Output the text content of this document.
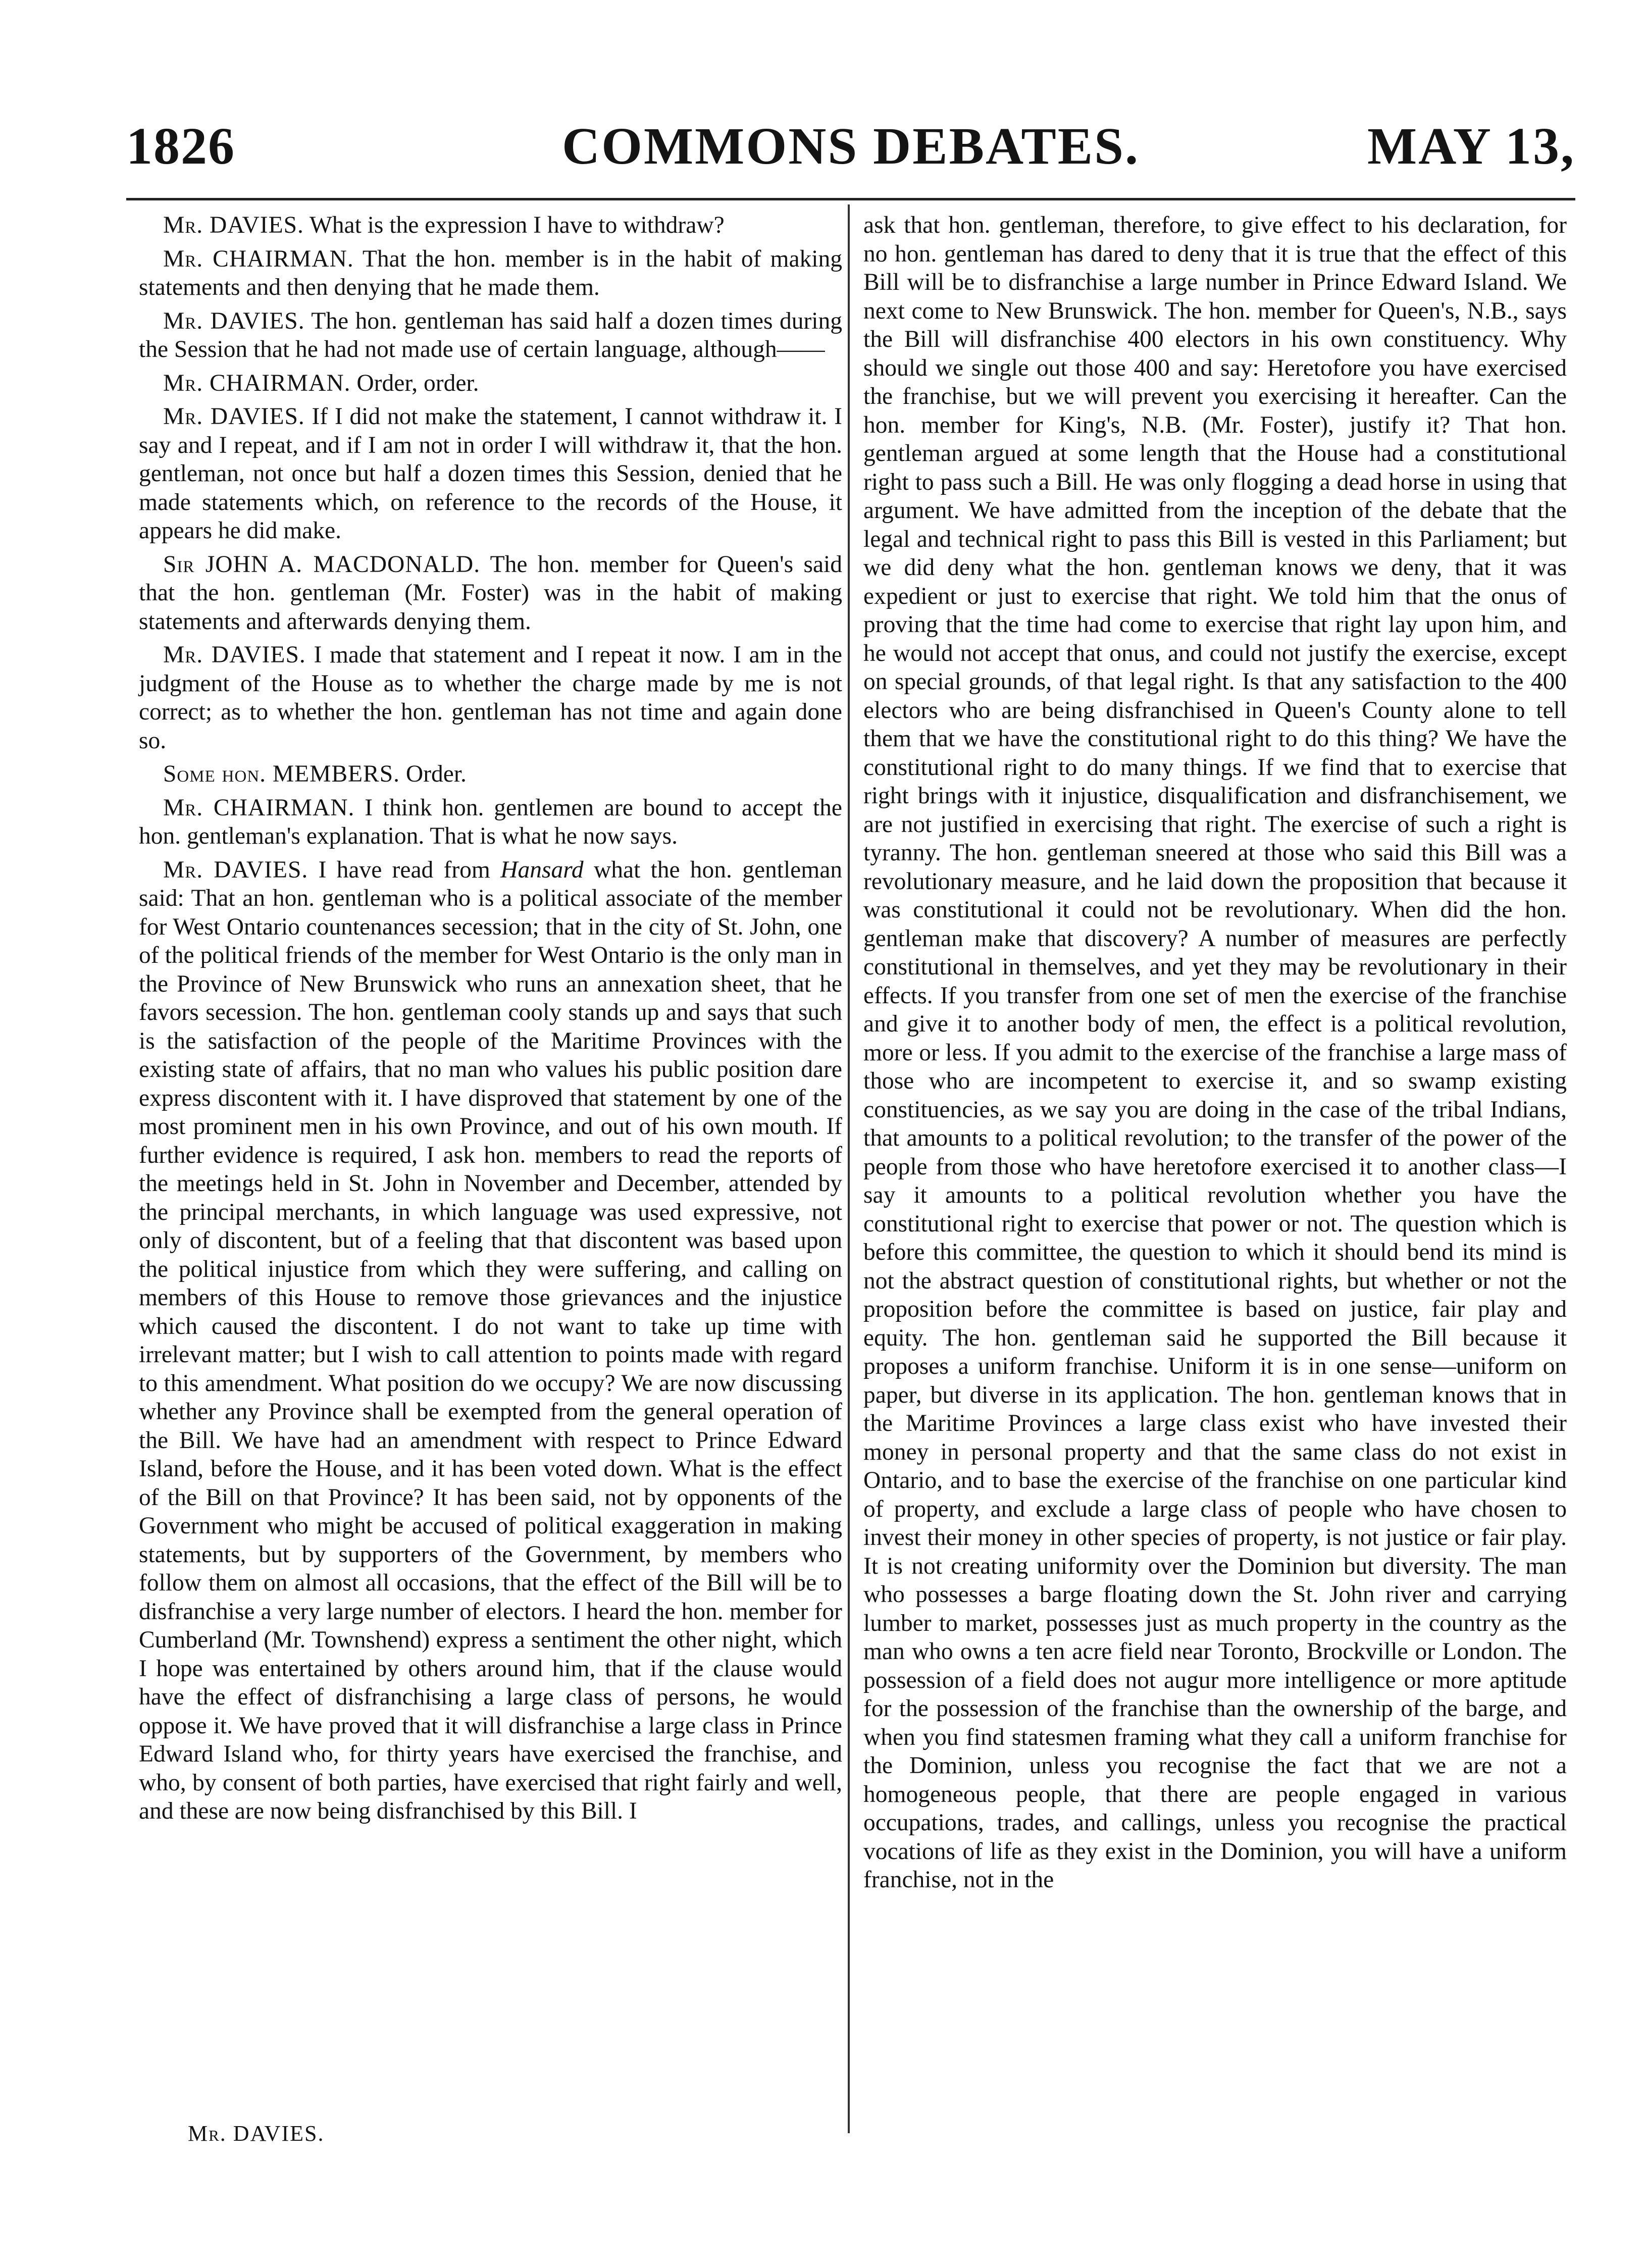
1826	COMMONS DEBATES.	MAY 13,

Mr. DAVIES. What is the expression I have to withdraw?

Mr. CHAIRMAN. That the hon. member is in the habit of making statements and then denying that he made them.

Mr. DAVIES. The hon. gentleman has said half a dozen times during the Session that he had not made use of certain language, although——

Mr. CHAIRMAN. Order, order.

Mr. DAVIES. If I did not make the statement, I cannot withdraw it. I say and I repeat, and if I am not in order I will withdraw it, that the hon. gentleman, not once but half a dozen times this Session, denied that he made statements which, on reference to the records of the House, it appears he did make.

Sir JOHN A. MACDONALD. The hon. member for Queen's said that the hon. gentleman (Mr. Foster) was in the habit of making statements and afterwards denying them.

Mr. DAVIES. I made that statement and I repeat it now. I am in the judgment of the House as to whether the charge made by me is not correct; as to whether the hon. gentleman has not time and again done so.

Some hon. MEMBERS. Order.

Mr. CHAIRMAN. I think hon. gentlemen are bound to accept the hon. gentleman's explanation. That is what he now says.

Mr. DAVIES. I have read from Hansard what the hon. gentleman said: That an hon. gentleman who is a political associate of the member for West Ontario countenances secession; that in the city of St. John, one of the political friends of the member for West Ontario is the only man in the Province of New Brunswick who runs an annexation sheet, that he favors secession. The hon. gentleman cooly stands up and says that such is the satisfaction of the people of the Maritime Provinces with the existing state of affairs, that no man who values his public position dare express discontent with it. I have disproved that statement by one of the most prominent men in his own Province, and out of his own mouth. If further evidence is required, I ask hon. members to read the reports of the meetings held in St. John in November and December, attended by the principal merchants, in which language was used expressive, not only of discontent, but of a feeling that that discontent was based upon the political injustice from which they were suffering, and calling on members of this House to remove those grievances and the injustice which caused the discontent. I do not want to take up time with irrelevant matter; but I wish to call attention to points made with regard to this amendment. What position do we occupy? We are now discussing whether any Province shall be exempted from the general operation of the Bill. We have had an amendment with respect to Prince Edward Island, before the House, and it has been voted down. What is the effect of the Bill on that Province? It has been said, not by opponents of the Government who might be accused of political exaggeration in making statements, but by supporters of the Government, by members who follow them on almost all occasions, that the effect of the Bill will be to disfranchise a very large number of electors. I heard the hon. member for Cumberland (Mr. Townshend) express a sentiment the other night, which I hope was entertained by others around him, that if the clause would have the effect of disfranchising a large class of persons, he would oppose it. We have proved that it will disfranchise a large class in Prince Edward Island who, for thirty years have exercised the franchise, and who, by consent of both parties, have exercised that right fairly and well, and these are now being disfranchised by this Bill. I

ask that hon. gentleman, therefore, to give effect to his declaration, for no hon. gentleman has dared to deny that it is true that the effect of this Bill will be to disfranchise a large number in Prince Edward Island. We next come to New Brunswick. The hon. member for Queen's, N.B., says the Bill will disfranchise 400 electors in his own constituency. Why should we single out those 400 and say: Heretofore you have exercised the franchise, but we will prevent you exercising it hereafter. Can the hon. member for King's, N.B. (Mr. Foster), justify it? That hon. gentleman argued at some length that the House had a constitutional right to pass such a Bill. He was only flogging a dead horse in using that argument. We have admitted from the inception of the debate that the legal and technical right to pass this Bill is vested in this Parliament; but we did deny what the hon. gentleman knows we deny, that it was expedient or just to exercise that right. We told him that the onus of proving that the time had come to exercise that right lay upon him, and he would not accept that onus, and could not justify the exercise, except on special grounds, of that legal right. Is that any satisfaction to the 400 electors who are being disfranchised in Queen's County alone to tell them that we have the constitutional right to do this thing? We have the constitutional right to do many things. If we find that to exercise that right brings with it injustice, disqualification and disfranchisement, we are not justified in exercising that right. The exercise of such a right is tyranny. The hon. gentleman sneered at those who said this Bill was a revolutionary measure, and he laid down the proposition that because it was constitutional it could not be revolutionary. When did the hon. gentleman make that discovery? A number of measures are perfectly constitutional in themselves, and yet they may be revolutionary in their effects. If you transfer from one set of men the exercise of the franchise and give it to another body of men, the effect is a political revolution, more or less. If you admit to the exercise of the franchise a large mass of those who are incompetent to exercise it, and so swamp existing constituencies, as we say you are doing in the case of the tribal Indians, that amounts to a political revolution; to the transfer of the power of the people from those who have heretofore exercised it to another class—I say it amounts to a political revolution whether you have the constitutional right to exercise that power or not. The question which is before this committee, the question to which it should bend its mind is not the abstract question of constitutional rights, but whether or not the proposition before the committee is based on justice, fair play and equity. The hon. gentleman said he supported the Bill because it proposes a uniform franchise. Uniform it is in one sense—uniform on paper, but diverse in its application. The hon. gentleman knows that in the Maritime Provinces a large class exist who have invested their money in personal property and that the same class do not exist in Ontario, and to base the exercise of the franchise on one particular kind of property, and exclude a large class of people who have chosen to invest their money in other species of property, is not justice or fair play. It is not creating uniformity over the Dominion but diversity. The man who possesses a barge floating down the St. John river and carrying lumber to market, possesses just as much property in the country as the man who owns a ten acre field near Toronto, Brockville or London. The possession of a field does not augur more intelligence or more aptitude for the possession of the franchise than the ownership of the barge, and when you find statesmen framing what they call a uniform franchise for the Dominion, unless you recognise the fact that we are not a homogeneous people, that there are people engaged in various occupations, trades, and callings, unless you recognise the practical vocations of life as they exist in the Dominion, you will have a uniform franchise, not in the

Mr. DAVIES.
